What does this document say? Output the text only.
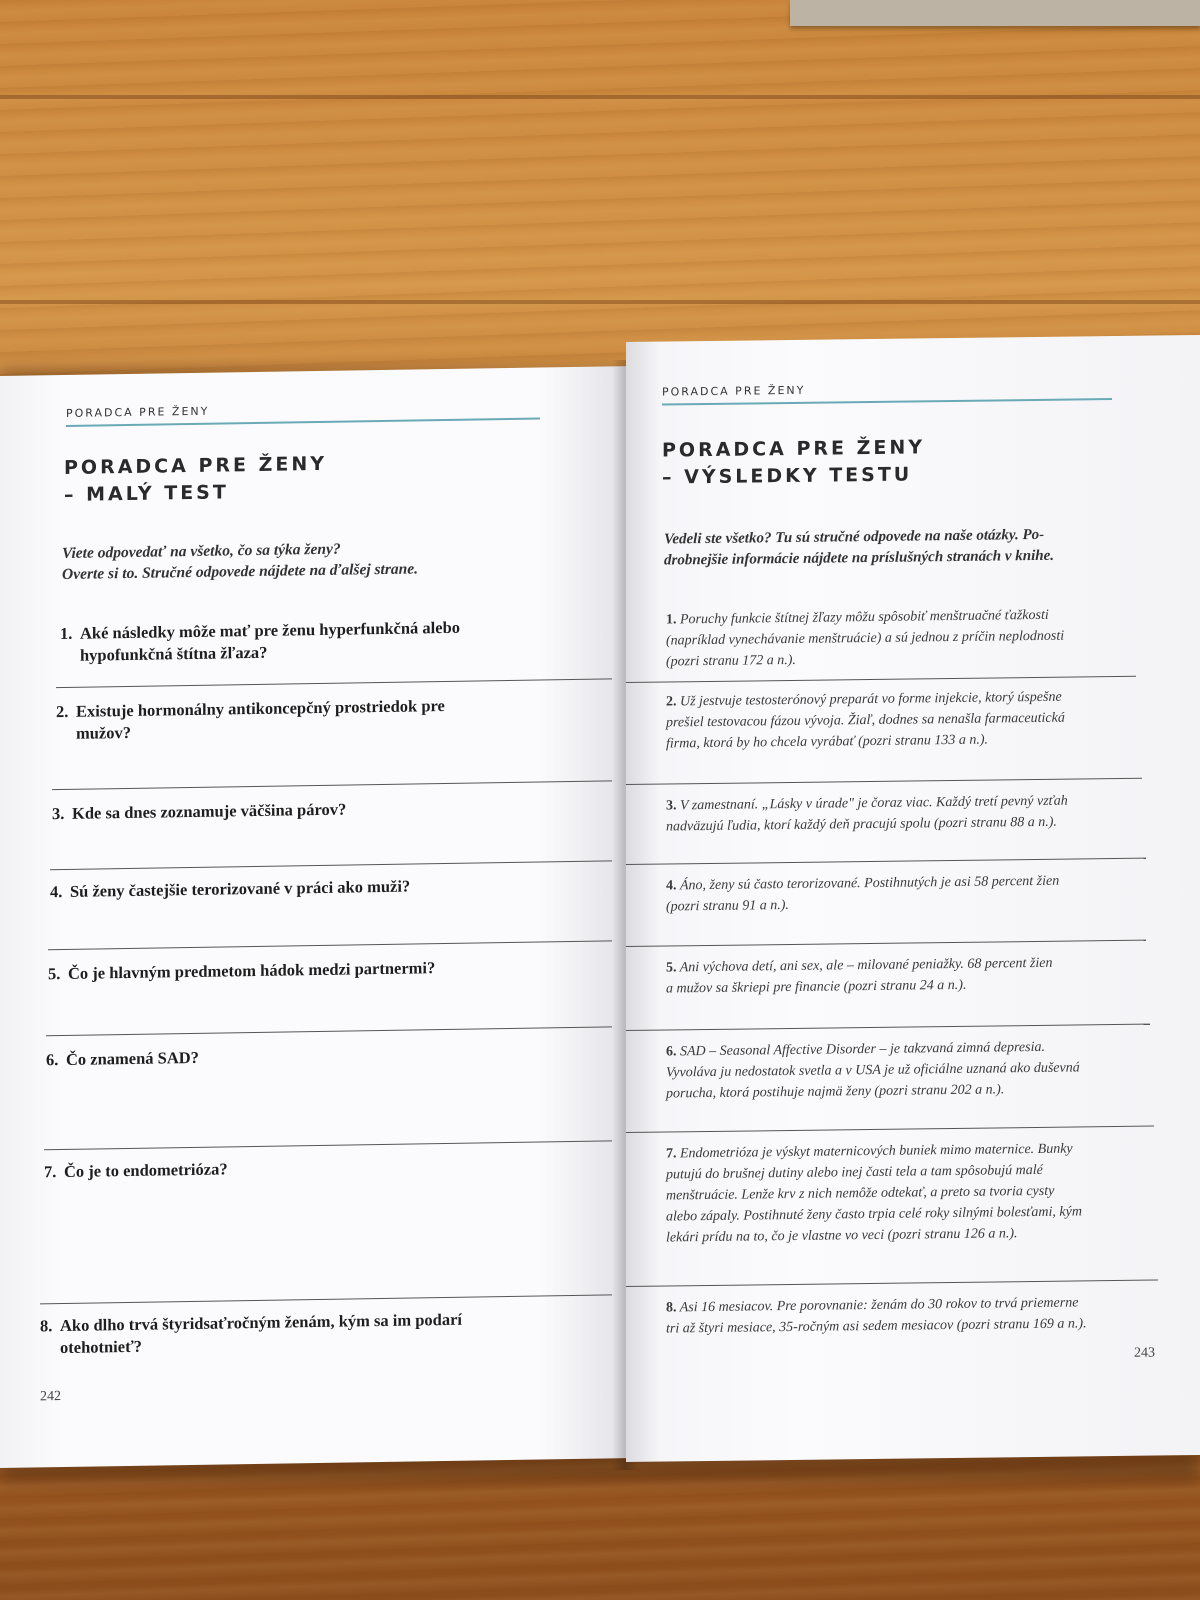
PORADCA PRE ŽENY
PORADCA PRE ŽENY
– MALÝ TEST
Viete odpovedať na všetko, čo sa týka ženy?
Overte si to. Stručné odpovede nájdete na ďalšej strane.
1. Aké následky môže mať pre ženu hyperfunkčná alebo
hypofunkčná štítna žľaza?
2. Existuje hormonálny antikoncepčný prostriedok pre
mužov?
3. Kde sa dnes zoznamuje väčšina párov?
4. Sú ženy častejšie terorizované v práci ako muži?
5. Čo je hlavným predmetom hádok medzi partnermi?
6. Čo znamená SAD?
7. Čo je to endometrióza?
8. Ako dlho trvá štyridsaťročným ženám, kým sa im podarí
otehotnieť?
242
PORADCA PRE ŽENY
PORADCA PRE ŽENY
– VÝSLEDKY TESTU
Vedeli ste všetko? Tu sú stručné odpovede na naše otázky. Po-
drobnejšie informácie nájdete na príslušných stranách v knihe.
1. Poruchy funkcie štítnej žľazy môžu spôsobiť menštruačné ťažkosti
(napríklad vynechávanie menštruácie) a sú jednou z príčin neplodnosti
(pozri stranu 172 a n.).
2. Už jestvuje testosterónový preparát vo forme injekcie, ktorý úspešne
prešiel testovacou fázou vývoja. Žiaľ, dodnes sa nenašla farmaceutická
firma, ktorá by ho chcela vyrábať (pozri stranu 133 a n.).
3. V zamestnaní. „Lásky v úrade" je čoraz viac. Každý tretí pevný vzťah
nadväzujú ľudia, ktorí každý deň pracujú spolu (pozri stranu 88 a n.).
4. Áno, ženy sú často terorizované. Postihnutých je asi 58 percent žien
(pozri stranu 91 a n.).
5. Ani výchova detí, ani sex, ale – milované peniažky. 68 percent žien
a mužov sa škriepi pre financie (pozri stranu 24 a n.).
6. SAD – Seasonal Affective Disorder – je takzvaná zimná depresia.
Vyvoláva ju nedostatok svetla a v USA je už oficiálne uznaná ako duševná
porucha, ktorá postihuje najmä ženy (pozri stranu 202 a n.).
7. Endometrióza je výskyt maternicových buniek mimo maternice. Bunky
putujú do brušnej dutiny alebo inej časti tela a tam spôsobujú malé
menštruácie. Lenže krv z nich nemôže odtekať, a preto sa tvoria cysty
alebo zápaly. Postihnuté ženy často trpia celé roky silnými bolesťami, kým
lekári prídu na to, čo je vlastne vo veci (pozri stranu 126 a n.).
8. Asi 16 mesiacov. Pre porovnanie: ženám do 30 rokov to trvá priemerne
tri až štyri mesiace, 35-ročným asi sedem mesiacov (pozri stranu 169 a n.).
243
